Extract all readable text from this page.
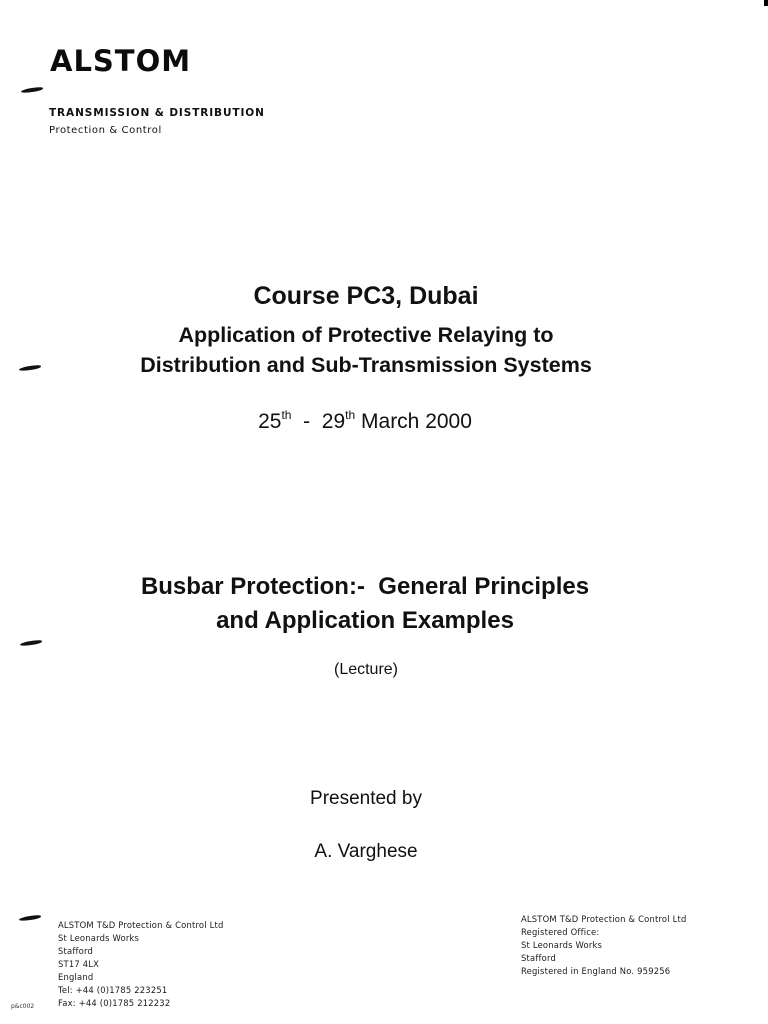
ALSTOM
TRANSMISSION & DISTRIBUTION
Protection & Control
Course PC3, Dubai
Application of Protective Relaying to
Distribution and Sub-Transmission Systems
25th - 29th March 2000
Busbar Protection:-  General Principles
and Application Examples
(Lecture)
Presented by
A. Varghese
ALSTOM T&D Protection & Control Ltd
St Leonards Works
Stafford
ST17 4LX
England
Tel: +44 (0)1785 223251
Fax: +44 (0)1785 212232
ALSTOM T&D Protection & Control Ltd
Registered Office:
St Leonards Works
Stafford
Registered in England No. 959256
p&c002
